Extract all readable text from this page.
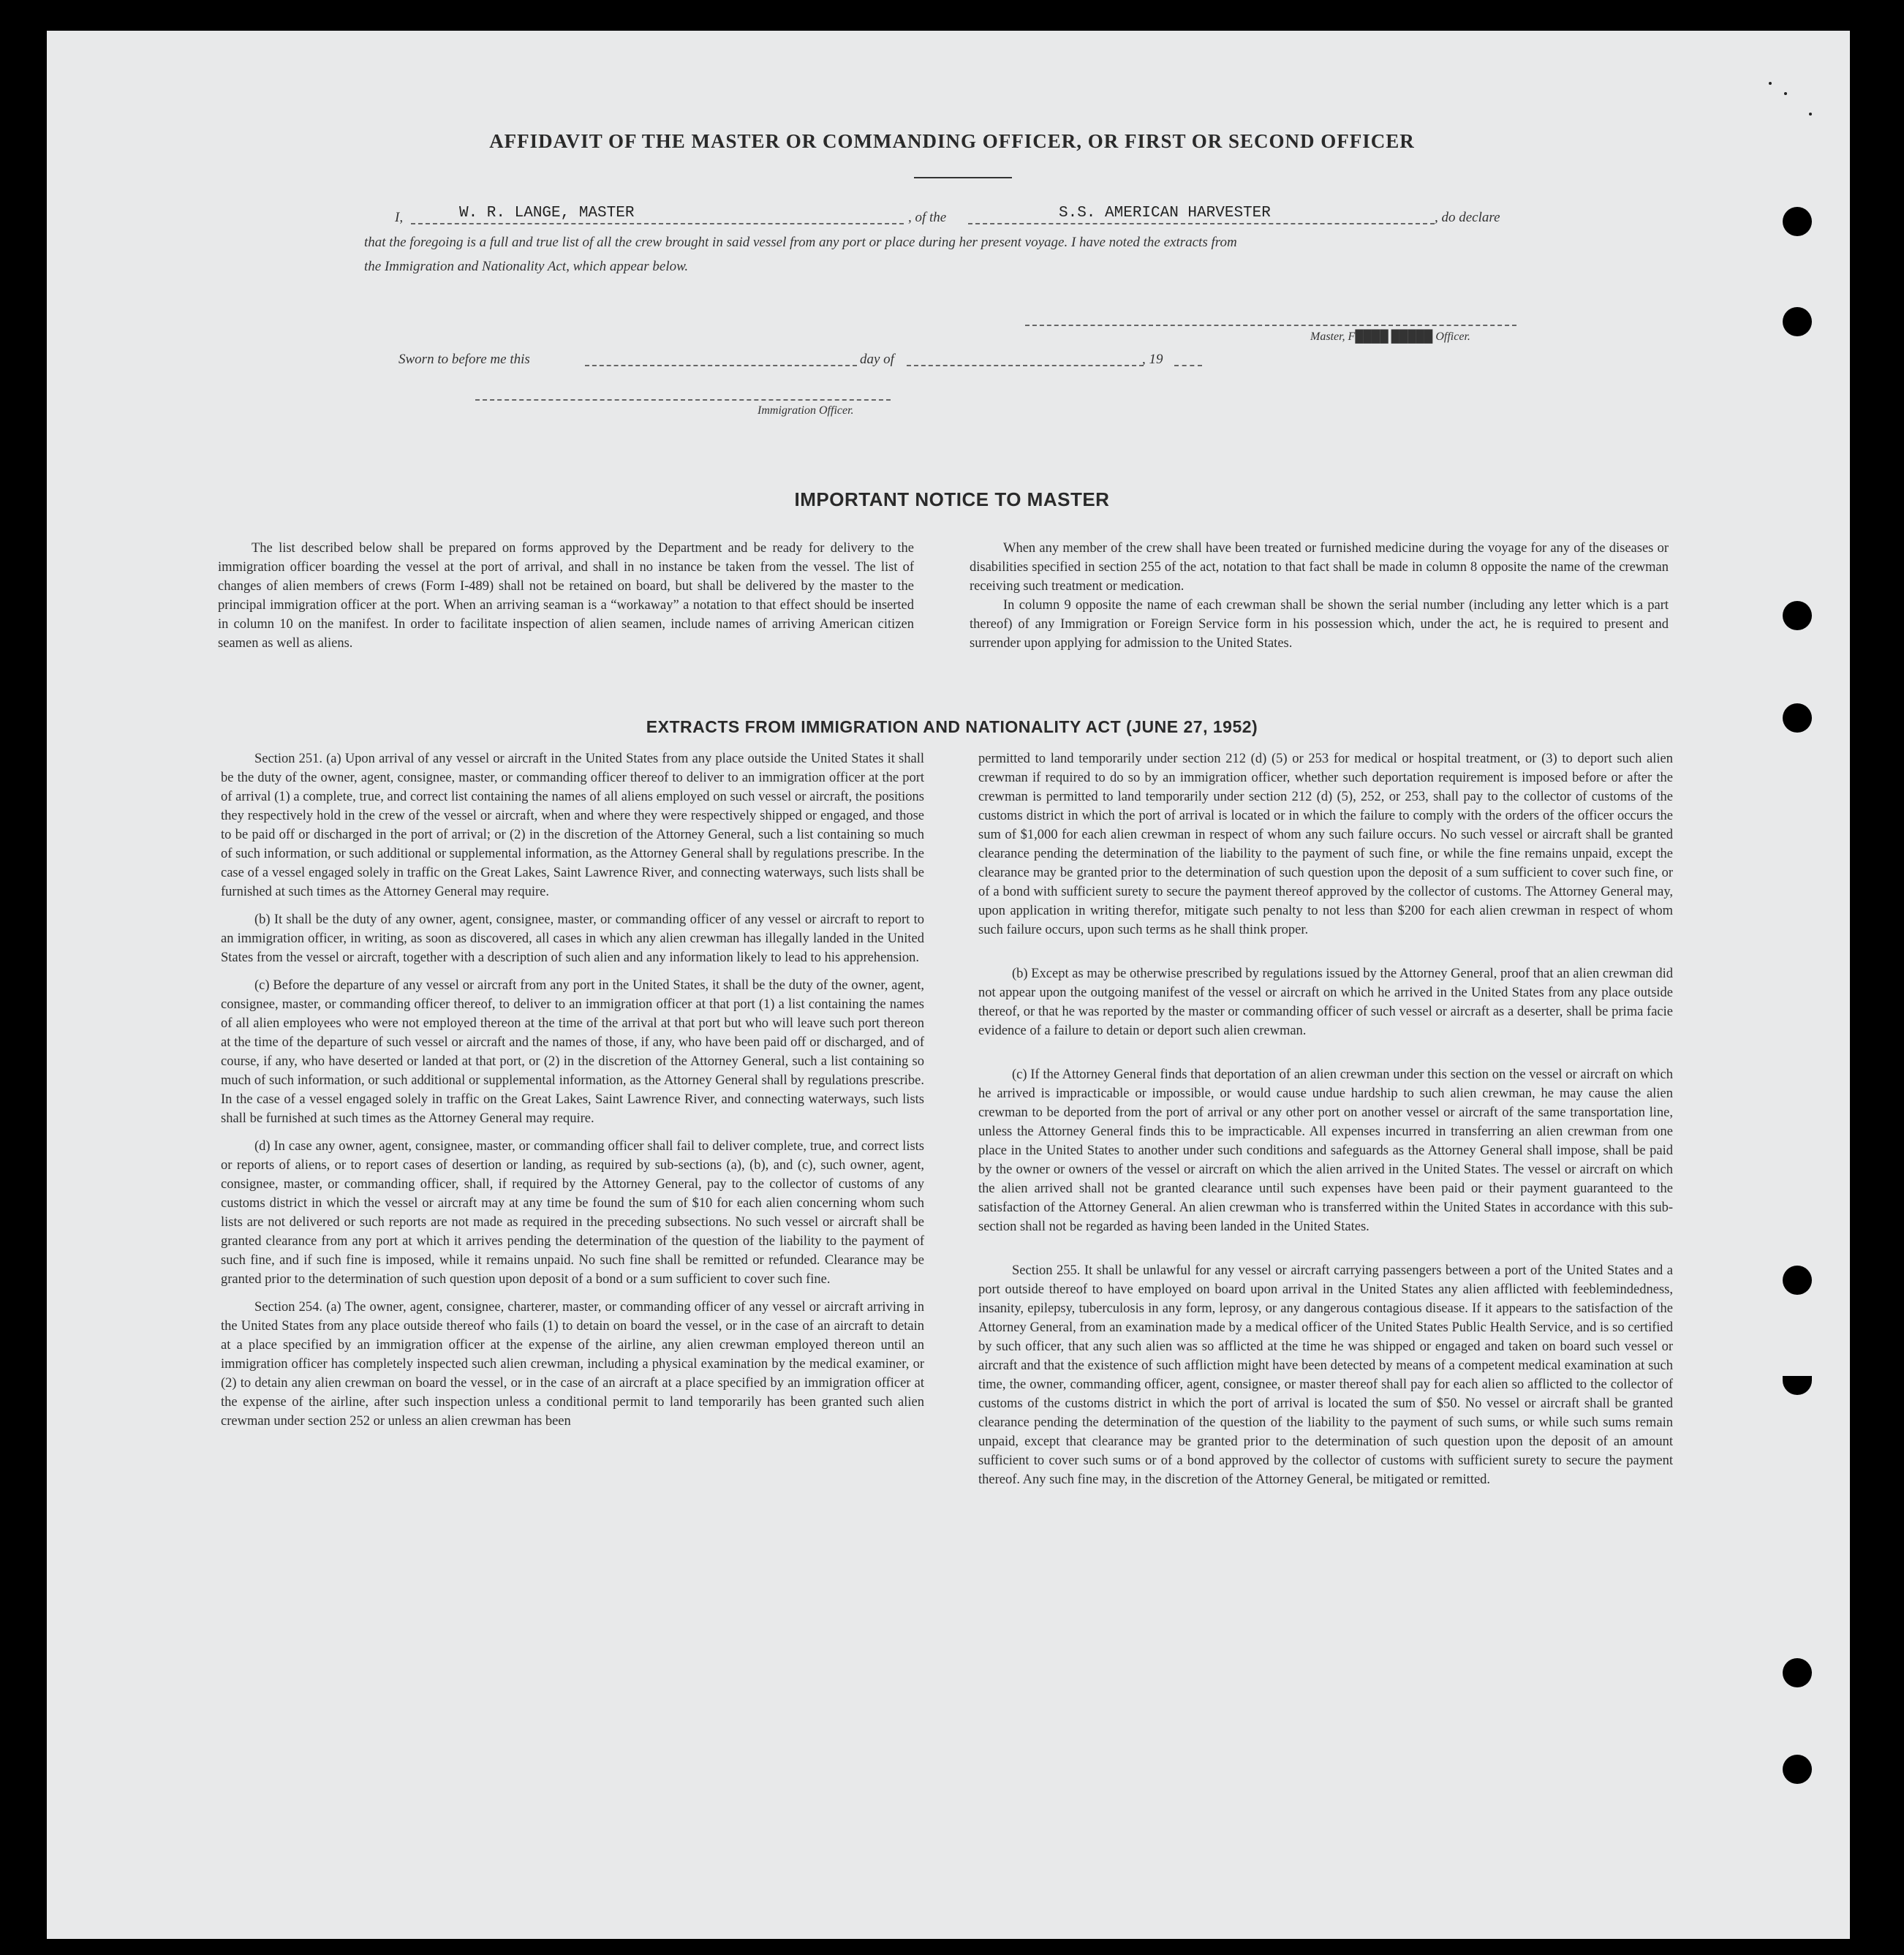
AFFIDAVIT OF THE MASTER OR COMMANDING OFFICER, OR FIRST OR SECOND OFFICER
I,	W. R. LANGE, MASTER	, of the	S.S. AMERICAN HARVESTER	, do declare
that the foregoing is a full and true list of all the crew brought in said vessel from any port or place during her present voyage. I have noted the extracts from
the Immigration and Nationality Act, which appear below.
Master, F████ █████ Officer.
Sworn to before me this	day of	, 19
Immigration Officer.
IMPORTANT NOTICE TO MASTER

The list described below shall be prepared on forms approved by the Department and be ready for delivery to the immigration officer boarding the vessel at the port of arrival, and shall in no instance be taken from the vessel. The list of changes of alien members of crews (Form I-489) shall not be retained on board, but shall be delivered by the master to the principal immigration officer at the port. When an arriving seaman is a “workaway” a notation to that effect should be inserted in column 10 on the manifest. In order to facilitate inspection of alien seamen, include names of arriving American citizen seamen as well as aliens.

When any member of the crew shall have been treated or furnished medicine during the voyage for any of the diseases or disabilities specified in section 255 of the act, notation to that fact shall be made in column 8 opposite the name of the crewman receiving such treatment or medication.

In column 9 opposite the name of each crewman shall be shown the serial number (including any letter which is a part thereof) of any Immigration or Foreign Service form in his possession which, under the act, he is required to present and surrender upon applying for admission to the United States.

EXTRACTS FROM IMMIGRATION AND NATIONALITY ACT (JUNE 27, 1952)

Section 251. (a) Upon arrival of any vessel or aircraft in the United States from any place outside the United States it shall be the duty of the owner, agent, consignee, master, or commanding officer thereof to deliver to an immigration officer at the port of arrival (1) a complete, true, and correct list containing the names of all aliens employed on such vessel or aircraft, the positions they respectively hold in the crew of the vessel or aircraft, when and where they were respectively shipped or engaged, and those to be paid off or discharged in the port of arrival; or (2) in the discretion of the Attorney General, such a list containing so much of such information, or such additional or supplemental information, as the Attorney General shall by regulations prescribe. In the case of a vessel engaged solely in traffic on the Great Lakes, Saint Lawrence River, and connecting waterways, such lists shall be furnished at such times as the Attorney General may require.

(b) It shall be the duty of any owner, agent, consignee, master, or commanding officer of any vessel or aircraft to report to an immigration officer, in writing, as soon as discovered, all cases in which any alien crewman has illegally landed in the United States from the vessel or aircraft, together with a description of such alien and any information likely to lead to his apprehension.

(c) Before the departure of any vessel or aircraft from any port in the United States, it shall be the duty of the owner, agent, consignee, master, or commanding officer thereof, to deliver to an immigration officer at that port (1) a list containing the names of all alien employees who were not employed thereon at the time of the arrival at that port but who will leave such port thereon at the time of the departure of such vessel or aircraft and the names of those, if any, who have been paid off or discharged, and of course, if any, who have deserted or landed at that port, or (2) in the discretion of the Attorney General, such a list containing so much of such information, or such additional or supplemental information, as the Attorney General shall by regulations prescribe. In the case of a vessel engaged solely in traffic on the Great Lakes, Saint Lawrence River, and connecting waterways, such lists shall be furnished at such times as the Attorney General may require.

(d) In case any owner, agent, consignee, master, or commanding officer shall fail to deliver complete, true, and correct lists or reports of aliens, or to report cases of desertion or landing, as required by sub-sections (a), (b), and (c), such owner, agent, consignee, master, or commanding officer, shall, if required by the Attorney General, pay to the collector of customs of any customs district in which the vessel or aircraft may at any time be found the sum of $10 for each alien concerning whom such lists are not delivered or such reports are not made as required in the preceding subsections. No such vessel or aircraft shall be granted clearance from any port at which it arrives pending the determination of the question of the liability to the payment of such fine, and if such fine is imposed, while it remains unpaid. No such fine shall be remitted or refunded. Clearance may be granted prior to the determination of such question upon deposit of a bond or a sum sufficient to cover such fine.

Section 254. (a) The owner, agent, consignee, charterer, master, or commanding officer of any vessel or aircraft arriving in the United States from any place outside thereof who fails (1) to detain on board the vessel, or in the case of an aircraft to detain at a place specified by an immigration officer at the expense of the airline, any alien crewman employed thereon until an immigration officer has completely inspected such alien crewman, including a physical examination by the medical examiner, or (2) to detain any alien crewman on board the vessel, or in the case of an aircraft at a place specified by an immigration officer at the expense of the airline, after such inspection unless a conditional permit to land temporarily has been granted such alien crewman under section 252 or unless an alien crewman has been

permitted to land temporarily under section 212 (d) (5) or 253 for medical or hospital treatment, or (3) to deport such alien crewman if required to do so by an immigration officer, whether such deportation requirement is imposed before or after the crewman is permitted to land temporarily under section 212 (d) (5), 252, or 253, shall pay to the collector of customs of the customs district in which the port of arrival is located or in which the failure to comply with the orders of the officer occurs the sum of $1,000 for each alien crewman in respect of whom any such failure occurs. No such vessel or aircraft shall be granted clearance pending the determination of the liability to the payment of such fine, or while the fine remains unpaid, except the clearance may be granted prior to the determination of such question upon the deposit of a sum sufficient to cover such fine, or of a bond with sufficient surety to secure the payment thereof approved by the collector of customs. The Attorney General may, upon application in writing therefor, mitigate such penalty to not less than $200 for each alien crewman in respect of whom such failure occurs, upon such terms as he shall think proper.

(b) Except as may be otherwise prescribed by regulations issued by the Attorney General, proof that an alien crewman did not appear upon the outgoing manifest of the vessel or aircraft on which he arrived in the United States from any place outside thereof, or that he was reported by the master or commanding officer of such vessel or aircraft as a deserter, shall be prima facie evidence of a failure to detain or deport such alien crewman.

(c) If the Attorney General finds that deportation of an alien crewman under this section on the vessel or aircraft on which he arrived is impracticable or impossible, or would cause undue hardship to such alien crewman, he may cause the alien crewman to be deported from the port of arrival or any other port on another vessel or aircraft of the same transportation line, unless the Attorney General finds this to be impracticable. All expenses incurred in transferring an alien crewman from one place in the United States to another under such conditions and safeguards as the Attorney General shall impose, shall be paid by the owner or owners of the vessel or aircraft on which the alien arrived in the United States. The vessel or aircraft on which the alien arrived shall not be granted clearance until such expenses have been paid or their payment guaranteed to the satisfaction of the Attorney General. An alien crewman who is transferred within the United States in accordance with this sub-section shall not be regarded as having been landed in the United States.

Section 255. It shall be unlawful for any vessel or aircraft carrying passengers between a port of the United States and a port outside thereof to have employed on board upon arrival in the United States any alien afflicted with feeblemindedness, insanity, epilepsy, tuberculosis in any form, leprosy, or any dangerous contagious disease. If it appears to the satisfaction of the Attorney General, from an examination made by a medical officer of the United States Public Health Service, and is so certified by such officer, that any such alien was so afflicted at the time he was shipped or engaged and taken on board such vessel or aircraft and that the existence of such affliction might have been detected by means of a competent medical examination at such time, the owner, commanding officer, agent, consignee, or master thereof shall pay for each alien so afflicted to the collector of customs of the customs district in which the port of arrival is located the sum of $50. No vessel or aircraft shall be granted clearance pending the determination of the question of the liability to the payment of such sums, or while such sums remain unpaid, except that clearance may be granted prior to the determination of such question upon the deposit of an amount sufficient to cover such sums or of a bond approved by the collector of customs with sufficient surety to secure the payment thereof. Any such fine may, in the discretion of the Attorney General, be mitigated or remitted.
